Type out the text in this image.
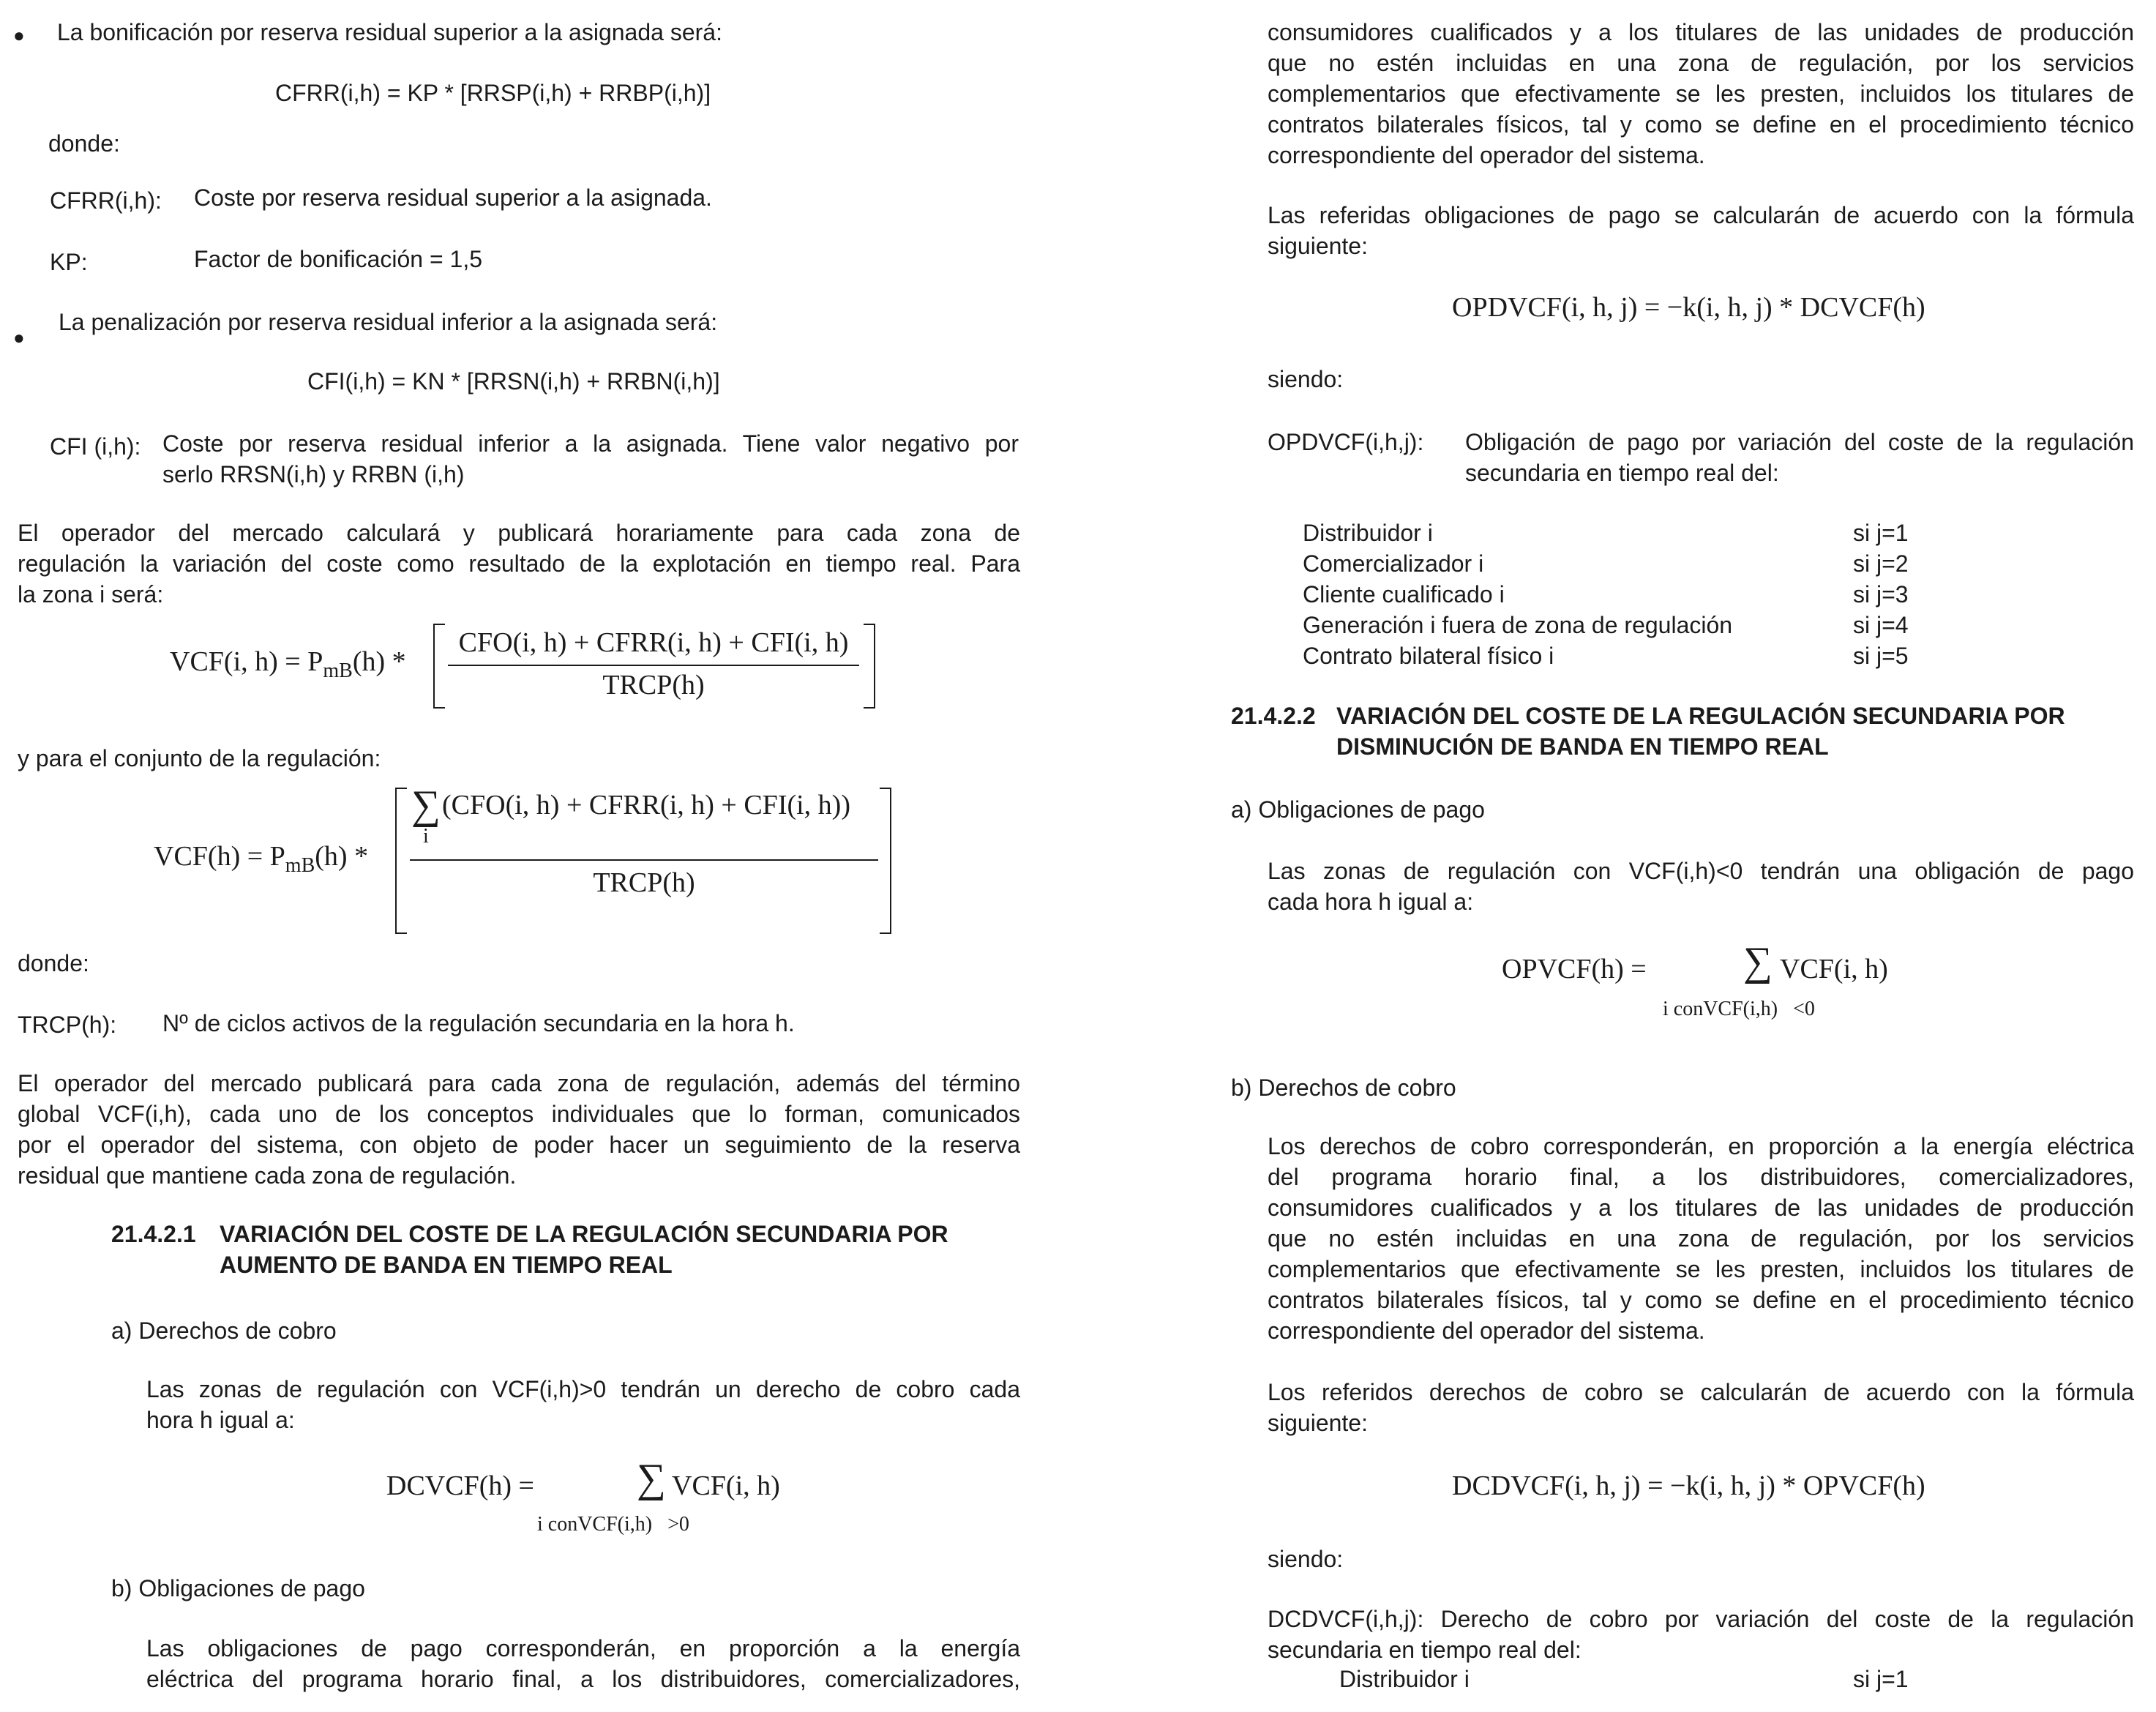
● La bonificación por reserva residual superior a la asignada será:
CFRR(i,h) = KP * [RRSP(i,h) + RRBP(i,h)]
donde:
CFRR(i,h): Coste por reserva residual superior a la asignada.
KP:	Factor de bonificación = 1,5
●
La penalización por reserva residual inferior a la asignada será:
CFI(i,h) = KN * [RRSN(i,h) + RRBN(i,h)]
CFI (i,h): Coste por reserva residual inferior a la asignada. Tiene valor negativo por
serlo RRSN(i,h) y RRBN (i,h)
El operador del mercado calculará y publicará horariamente para cada zona de
regulación la variación del coste como resultado de la explotación en tiempo real. Para
la zona i será:
VCF(i, $h) = P_{mB}(h)$ *
CFO(i, h) + CFRR(i, h) + CFI(i, h)
TRCP(h)
y para el conjunto de la regulación:
$VCF(h) = P_{mB}(h)$ *
∑ (CFO(i, h) + CFRR(i, h) + CFI(i, h))
i
TRCP(h)
donde:
TRCP(h): Nº de ciclos activos de la regulación secundaria en la hora h.
El operador del mercado publicará para cada zona de regulación, además del término
global VCF(i,h), cada uno de los conceptos individuales que lo forman, comunicados
por el operador del sistema, con objeto de poder hacer un seguimiento de la reserva
residual que mantiene cada zona de regulación.
21.4.2.1 VARIACIÓN DEL COSTE DE LA REGULACIÓN SECUNDARIA POR
AUMENTO DE BANDA EN TIEMPO REAL
a) Derechos de cobro
Las zonas de regulación con VCF(i,h)>0 tendrán un derecho de cobro cada
hora h igual a:
DCVCF(h) =	∑ VCF(i, h)
i conVCF(i,h)   >0
b) Obligaciones de pago
Las obligaciones de pago corresponderán, en proporción a la energía
eléctrica del programa horario final, a los distribuidores, comercializadores,
consumidores cualificados y a los titulares de las unidades de producción
que no estén incluidas en una zona de regulación, por los servicios
complementarios que efectivamente se les presten, incluidos los titulares de
contratos bilaterales físicos, tal y como se define en el procedimiento técnico
correspondiente del operador del sistema.
Las referidas obligaciones de pago se calcularán de acuerdo con la fórmula
siguiente:
OPDVCF(i, h, j) = −k(i, h, j) * DCVCF(h)
siendo:
OPDVCF(i,h,j): Obligación de pago por variación del coste de la regulación
secundaria en tiempo real del:
Distribuidor i	si j=1
Comercializador i	si j=2
Cliente cualificado i	si j=3
Generación i fuera de zona de regulación	si j=4
Contrato bilateral físico i	si j=5
21.4.2.2 VARIACIÓN DEL COSTE DE LA REGULACIÓN SECUNDARIA POR
DISMINUCIÓN DE BANDA EN TIEMPO REAL
a) Obligaciones de pago
Las zonas de regulación con VCF(i,h)<0 tendrán una obligación de pago
cada hora h igual a:
OPVCF(h) = ∑ VCF(i, h)
i conVCF(i,h)   <0
b) Derechos de cobro
Los derechos de cobro corresponderán, en proporción a la energía eléctrica
del programa horario final, a los distribuidores, comercializadores,
consumidores cualificados y a los titulares de las unidades de producción
que no estén incluidas en una zona de regulación, por los servicios
complementarios que efectivamente se les presten, incluidos los titulares de
contratos bilaterales físicos, tal y como se define en el procedimiento técnico
correspondiente del operador del sistema.
Los referidos derechos de cobro se calcularán de acuerdo con la fórmula
siguiente:
DCDVCF(i, h, j) = −k(i, h, j) * OPVCF(h)
siendo:
DCDVCF(i,h,j): Derecho de cobro por variación del coste de la regulación
secundaria en tiempo real del:
Distribuidor i	si j=1
